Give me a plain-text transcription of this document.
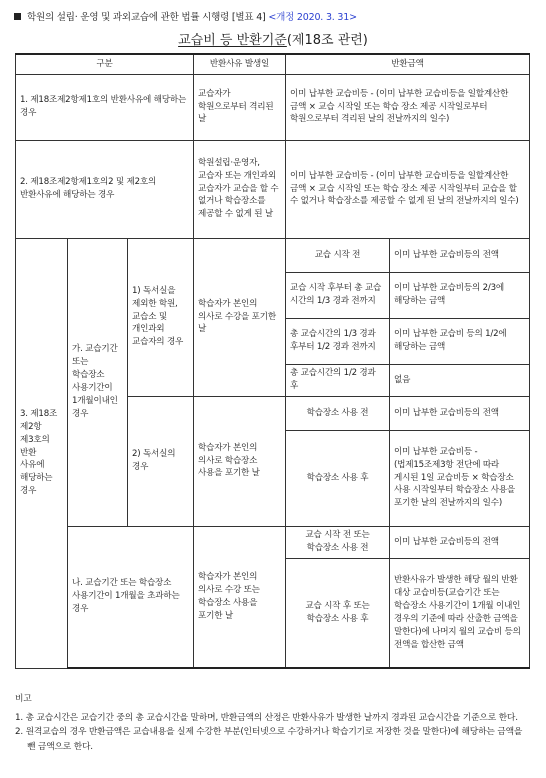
학원의 설립· 운영 및 과외교습에 관한 법률 시행령 [별표 4] <개정 2020. 3. 31>
교습비 등 반환기준(제18조 관련)
구분			반환사유 발생일	반환금액	
1. 제18조제2항제1호의 반환사유에 해당하는 경우			교습자가 학원으로부터 격리된 날	이미 납부한 교습비등 - (이미 납부한 교습비등을 일할계산한 금액 × 교습 시작일 또는 학습 장소 제공 시작일로부터 학원으로부터 격리된 날의 전날까지의 일수)	
2. 제18조제2항제1호의2 및 제2호의 반환사유에 해당하는 경우			학원설립·운영자, 교습자 또는 개인과외 교습자가 교습을 할 수 없거나 학습장소를 제공할 수 없게 된 날	이미 납부한 교습비등 - (이미 납부한 교습비등을 일할계산한 금액 × 교습 시작일 또는 학습 장소 제공 시작일부터 교습을 할 수 없거나 학습장소를 제공할 수 없게 된 날의 전날까지의 일수)	
3. 제18조 제2항 제3호의 반환 사유에 해당하는 경우	가. 교습기간 또는 학습장소 사용기간이 1개월이내인 경우	1) 독서실을 제외한 학원, 교습소 및 개인과외 교습자의 경우	학습자가 본인의 의사로 수강을 포기한 날	교습 시작 전	이미 납부한 교습비등의 전액
				교습 시작 후부터 총 교습 시간의 1/3 경과 전까지	이미 납부한 교습비등의 2/3에 해당하는 금액
				총 교습시간의 1/3 경과 후부터 1/2 경과 전까지	이미 납부한 교습비 등의 1/2에 해당하는 금액
				총 교습시간의 1/2 경과 후	없음
		2) 독서실의 경우	학습자가 본인의 의사로 학습장소 사용을 포기한 날	학습장소 사용 전	이미 납부한 교습비등의 전액
				학습장소 사용 후	이미 납부한 교습비등 - (법제15조제3항 전단에 따라 게시된 1일 교습비등 × 학습장소 사용 시작일부터 학습장소 사용을 포기한 날의 전날까지의 일수)
	나. 교습기간 또는 학습장소 사용기간이 1개월을 초과하는 경우		학습자가 본인의 의사로 수강 또는 학습장소 사용을 포기한 날	교습 시작 전 또는 학습장소 사용 전	이미 납부한 교습비등의 전액
				교습 시작 후 또는 학습장소 사용 후	반환사유가 발생한 해당 월의 반환 대상 교습비등(교습기간 또는 학습장소 사용기간이 1개월 이내인 경우의 기준에 따라 산출한 금액을 말한다)에 나머지 월의 교습비 등의 전액을 합산한 금액
비고
1. 총 교습시간은 교습기간 중의 총 교습시간을 말하며, 반환금액의 산정은 반환사유가 발생한 날까지 경과된 교습시간을 기준으로 한다.
2. 원격교습의 경우 반환금액은 교습내용을 실제 수강한 부분(인터넷으로 수강하거나 학습기기로 저장한 것을 말한다)에 해당하는 금액을 뺀 금액으로 한다.
